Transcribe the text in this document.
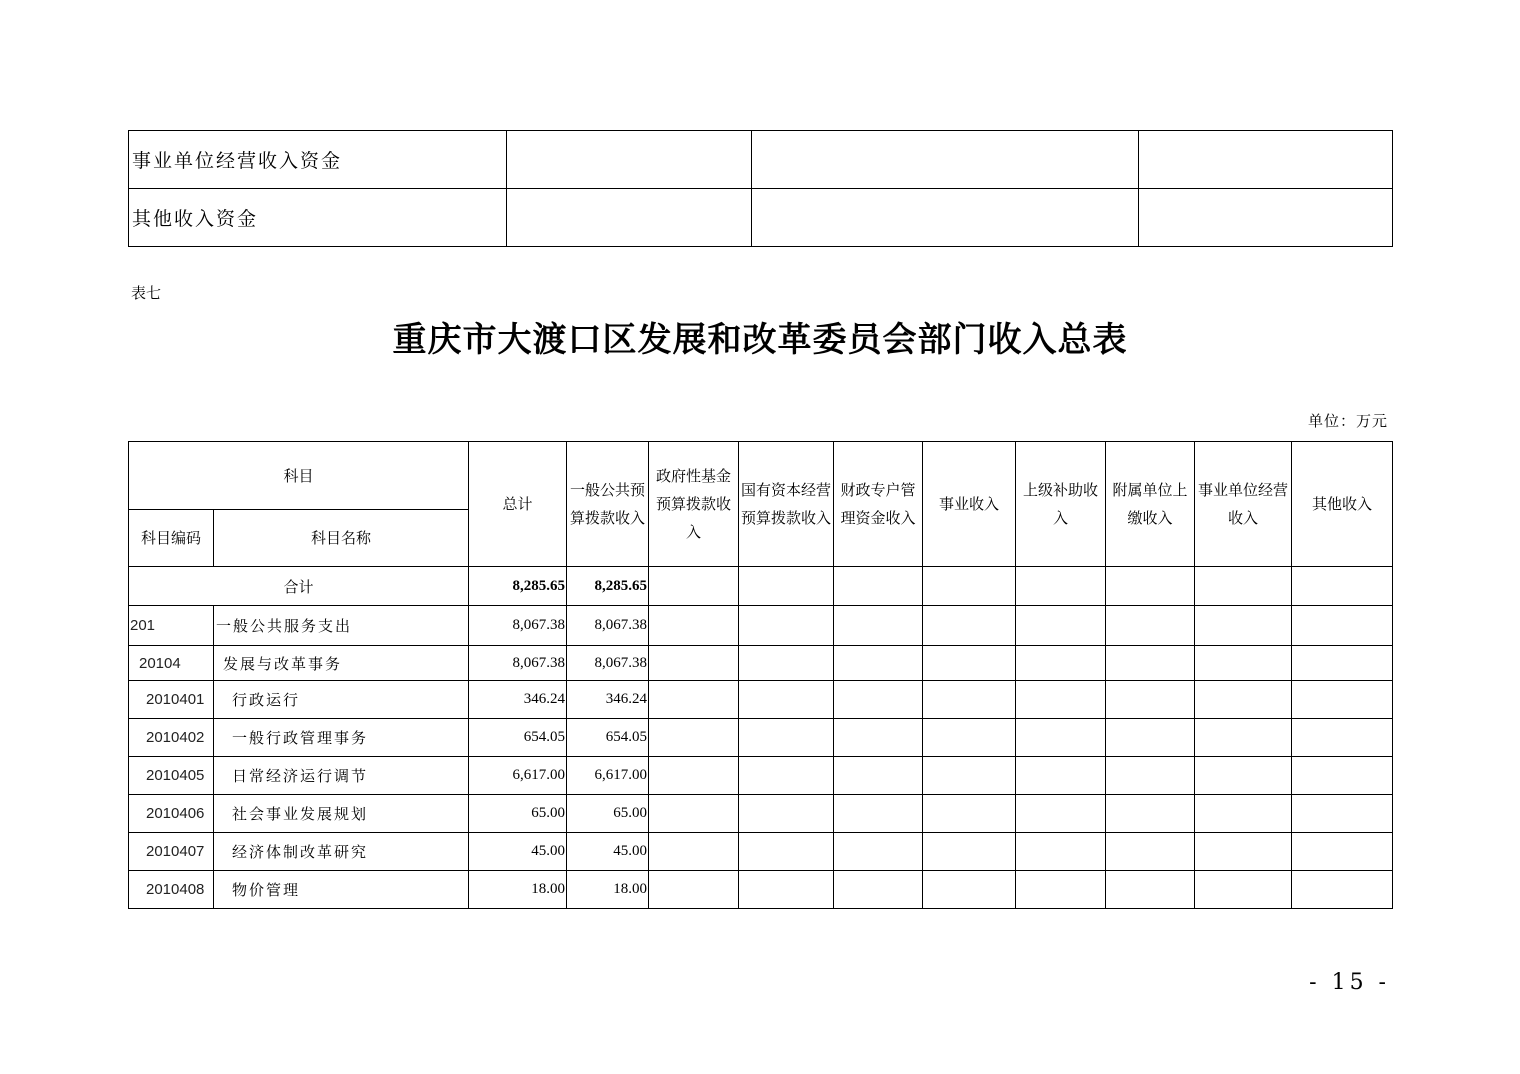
事业单位经营收入资金			
其他收入资金			
表七
重庆市大渡口区发展和改革委员会部门收入总表
单位：万元
科目		总计	一般公共预算拨款收入	政府性基金预算拨款收入	国有资本经营预算拨款收入	财政专户管理资金收入	事业收入	上级补助收入	附属单位上缴收入	事业单位经营收入	其他收入
科目编码	科目名称										
合计		8,285.65	8,285.65								
201	一般公共服务支出	8,067.38	8,067.38								
20104	发展与改革事务	8,067.38	8,067.38								
2010401	行政运行	346.24	346.24								
2010402	一般行政管理事务	654.05	654.05								
2010405	日常经济运行调节	6,617.00	6,617.00								
2010406	社会事业发展规划	65.00	65.00								
2010407	经济体制改革研究	45.00	45.00								
2010408	物价管理	18.00	18.00								
- 15 -
